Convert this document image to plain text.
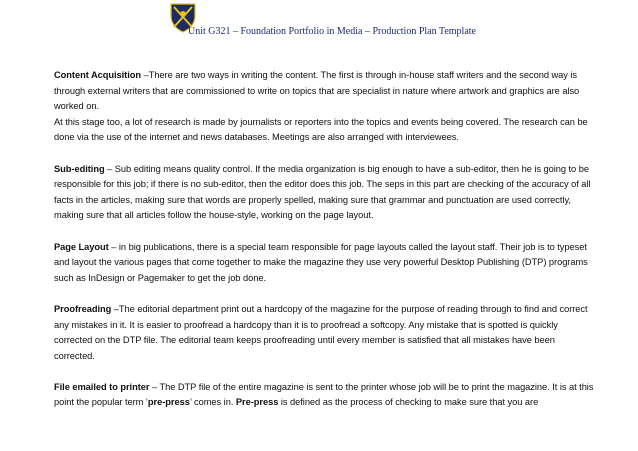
Unit G321 – Foundation Portfolio in Media – Production Plan Template

Content Acquisition –There are two ways in writing the content. The first is through in-house staff writers and the second way is through external writers that are commissioned to write on topics that are specialist in nature where artwork and graphics are also worked on.

At this stage too, a lot of research is made by journalists or reporters into the topics and events being covered. The research can be done via the use of the internet and news databases. Meetings are also arranged with interviewees.

Sub-editing – Sub editing means quality control. If the media organization is big enough to have a sub-editor, then he is going to be responsible for this job; if there is no sub-editor, then the editor does this job. The seps in this part are checking of the accuracy of all facts in the articles, making sure that words are properly spelled, making sure that grammar and punctuation are used correctly, making sure that all articles follow the house-style, working on the page layout.

Page Layout – in big publications, there is a special team responsible for page layouts called the layout staff. Their job is to typeset and layout the various pages that come together to make the magazine they use very powerful Desktop Publishing (DTP) programs such as InDesign or Pagemaker to get the job done.

Proofreading –The editorial department print out a hardcopy of the magazine for the purpose of reading through to find and correct any mistakes in it. It is easier to proofread a hardcopy than it is to proofread a softcopy. Any mistake that is spotted is quickly corrected on the DTP file. The editorial team keeps proofreading until every member is satisfied that all mistakes have been corrected.

File emailed to printer – The DTP file of the entire magazine is sent to the printer whose job will be to print the magazine. It is at this point the popular term ‘pre-press’ comes in. Pre-press is defined as the process of checking to make sure that you are
